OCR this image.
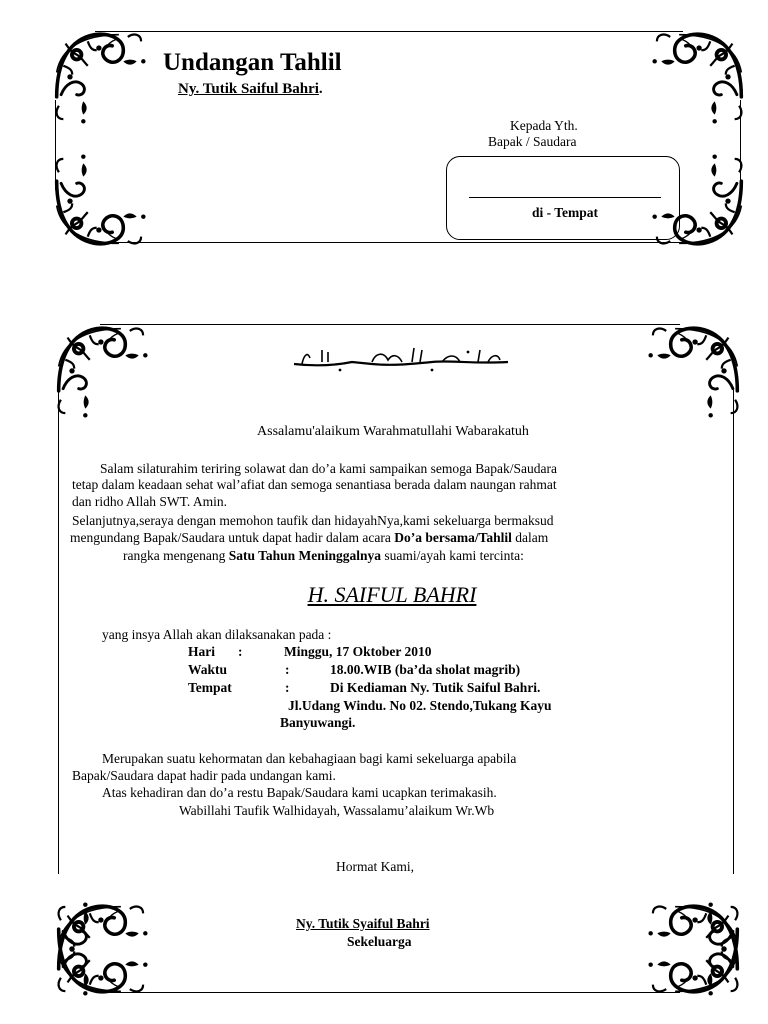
Undangan Tahlil
Ny. Tutik Saiful Bahri.
Kepada Yth.
Bapak / Saudara
di - Tempat
Assalamu'alaikum Warahmatullahi Wabarakatuh
Salam silaturahim teriring solawat dan do’a kami sampaikan semoga Bapak/Saudara
tetap dalam keadaan sehat wal’afiat dan semoga senantiasa berada dalam naungan rahmat
dan ridho Allah SWT. Amin.
Selanjutnya,seraya dengan memohon taufik dan hidayahNya,kami sekeluarga bermaksud
mengundang Bapak/Saudara untuk dapat hadir dalam acara Do’a bersama/Tahlil dalam
rangka mengenang Satu Tahun Meninggalnya suami/ayah kami tercinta:
H. SAIFUL BAHRI
yang insya Allah akan dilaksanakan pada :
Hari :	Minggu, 17 Oktober 2010
Waktu	:	18.00.WIB (ba’da sholat magrib)
Tempat	:	Di Kediaman Ny. Tutik Saiful Bahri.
Jl.Udang Windu. No 02. Stendo,Tukang Kayu
Banyuwangi.
Merupakan suatu kehormatan dan kebahagiaan bagi kami sekeluarga apabila
Bapak/Saudara dapat hadir pada undangan kami.
Atas kehadiran dan do’a restu Bapak/Saudara kami ucapkan terimakasih.
Wabillahi Taufik Walhidayah, Wassalamu’alaikum Wr.Wb
Hormat Kami,
Ny. Tutik Syaiful Bahri
Sekeluarga
